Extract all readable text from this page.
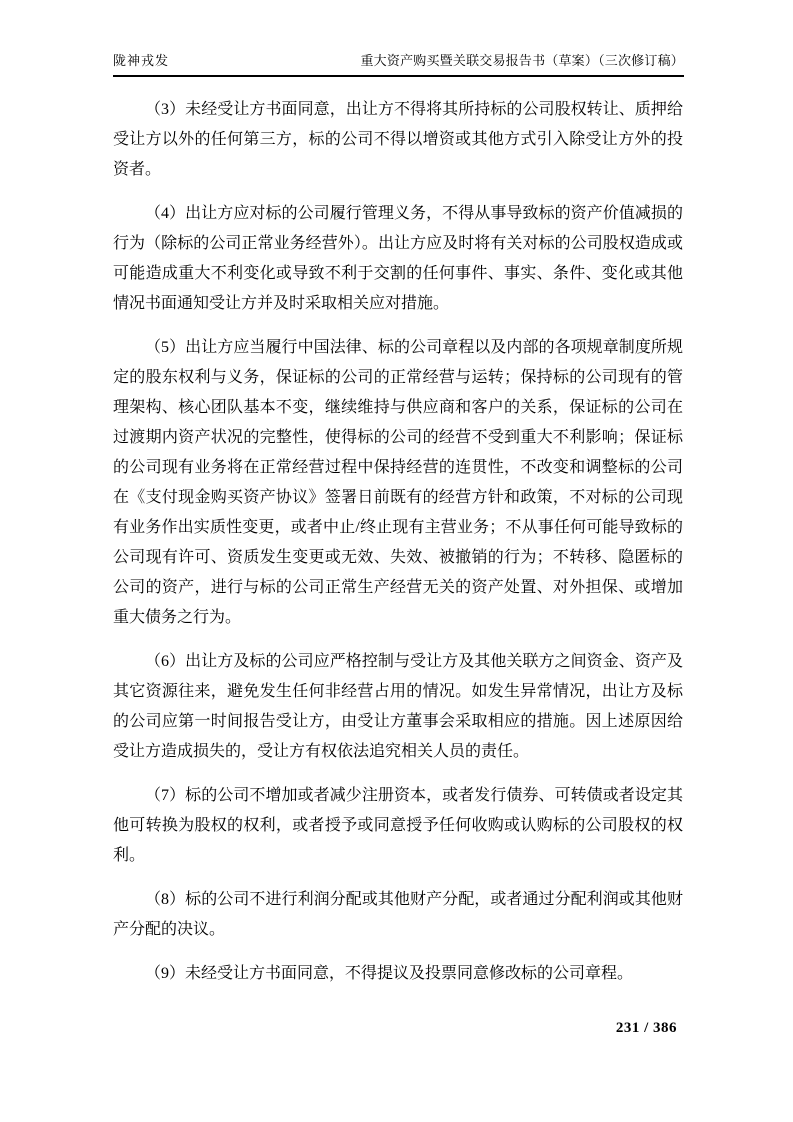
陇神戎发	重大资产购买暨关联交易报告书（草案）（三次修订稿）

（3）未经受让方书面同意，出让方不得将其所持标的公司股权转让、质押给受让方以外的任何第三方，标的公司不得以增资或其他方式引入除受让方外的投资者。

（4）出让方应对标的公司履行管理义务，不得从事导致标的资产价值减损的行为（除标的公司正常业务经营外）。出让方应及时将有关对标的公司股权造成或可能造成重大不利变化或导致不利于交割的任何事件、事实、条件、变化或其他情况书面通知受让方并及时采取相关应对措施。

（5）出让方应当履行中国法律、标的公司章程以及内部的各项规章制度所规定的股东权利与义务，保证标的公司的正常经营与运转；保持标的公司现有的管理架构、核心团队基本不变，继续维持与供应商和客户的关系，保证标的公司在过渡期内资产状况的完整性，使得标的公司的经营不受到重大不利影响；保证标的公司现有业务将在正常经营过程中保持经营的连贯性，不改变和调整标的公司在《支付现金购买资产协议》签署日前既有的经营方针和政策，不对标的公司现有业务作出实质性变更，或者中止/终止现有主营业务；不从事任何可能导致标的公司现有许可、资质发生变更或无效、失效、被撤销的行为；不转移、隐匿标的公司的资产，进行与标的公司正常生产经营无关的资产处置、对外担保、或增加重大债务之行为。

（6）出让方及标的公司应严格控制与受让方及其他关联方之间资金、资产及其它资源往来，避免发生任何非经营占用的情况。如发生异常情况，出让方及标的公司应第一时间报告受让方，由受让方董事会采取相应的措施。因上述原因给受让方造成损失的，受让方有权依法追究相关人员的责任。

（7）标的公司不增加或者减少注册资本，或者发行债券、可转债或者设定其他可转换为股权的权利，或者授予或同意授予任何收购或认购标的公司股权的权利。

（8）标的公司不进行利润分配或其他财产分配，或者通过分配利润或其他财产分配的决议。

（9）未经受让方书面同意，不得提议及投票同意修改标的公司章程。

231 / 386
